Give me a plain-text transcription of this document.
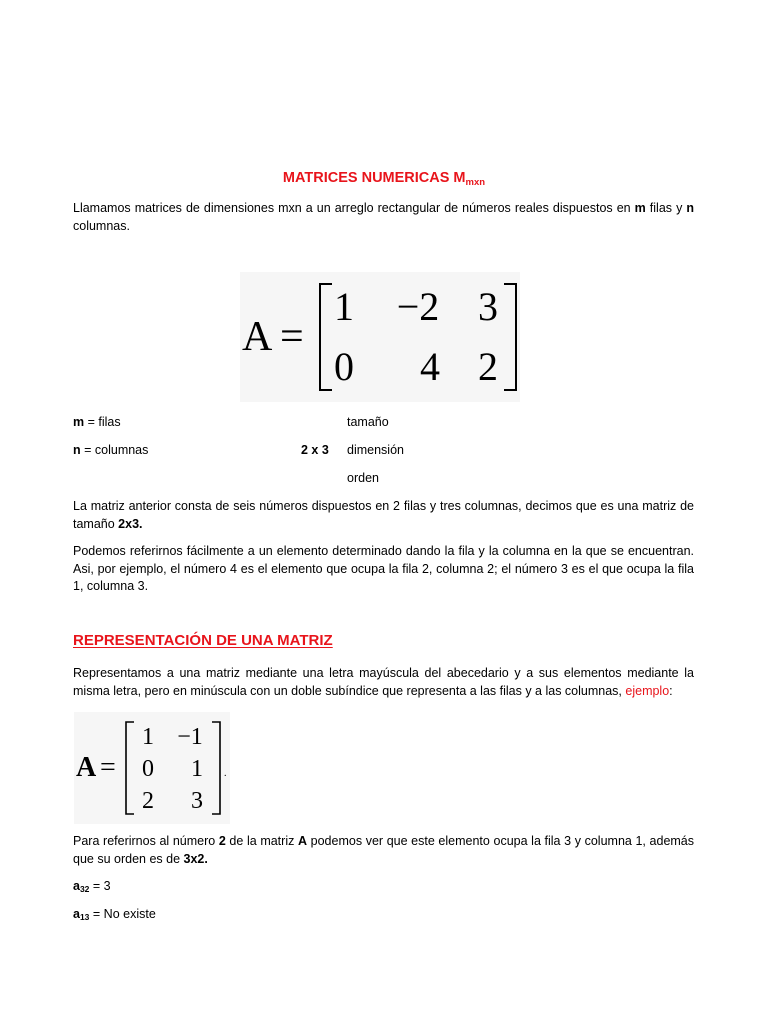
MATRICES NUMERICAS $M_{mxn}$

Llamamos matrices de dimensiones mxn a un arreglo rectangular de números reales dispuestos en m filas y n columnas.

A =
1 −2 3
0 4 2
m = filas
n = columnas	2 x 3
tamaño
dimensión
orden

La matriz anterior consta de seis números dispuestos en 2 filas y tres columnas, decimos que es una matriz de tamaño 2x3.

Podemos referirnos fácilmente a un elemento determinado dando la fila y la columna en la que se encuentran. Asi, por ejemplo, el número 4 es el elemento que ocupa la fila 2, columna 2; el número 3 es el que ocupa la fila 1, columna 3.

REPRESENTACIÓN DE UNA MATRIZ

Representamos a una matriz mediante una letra mayúscula del abecedario y a sus elementos mediante la misma letra, pero en minúscula con un doble subíndice que representa a las filas y a las columnas, ejemplo:

A =
1 −1
0 1
2 3
.

Para referirnos al número 2 de la matriz A podemos ver que este elemento ocupa la fila 3 y columna 1, además que su orden es de 3x2.

$a_{32} = 3$
$a_{13} = No$ existe
